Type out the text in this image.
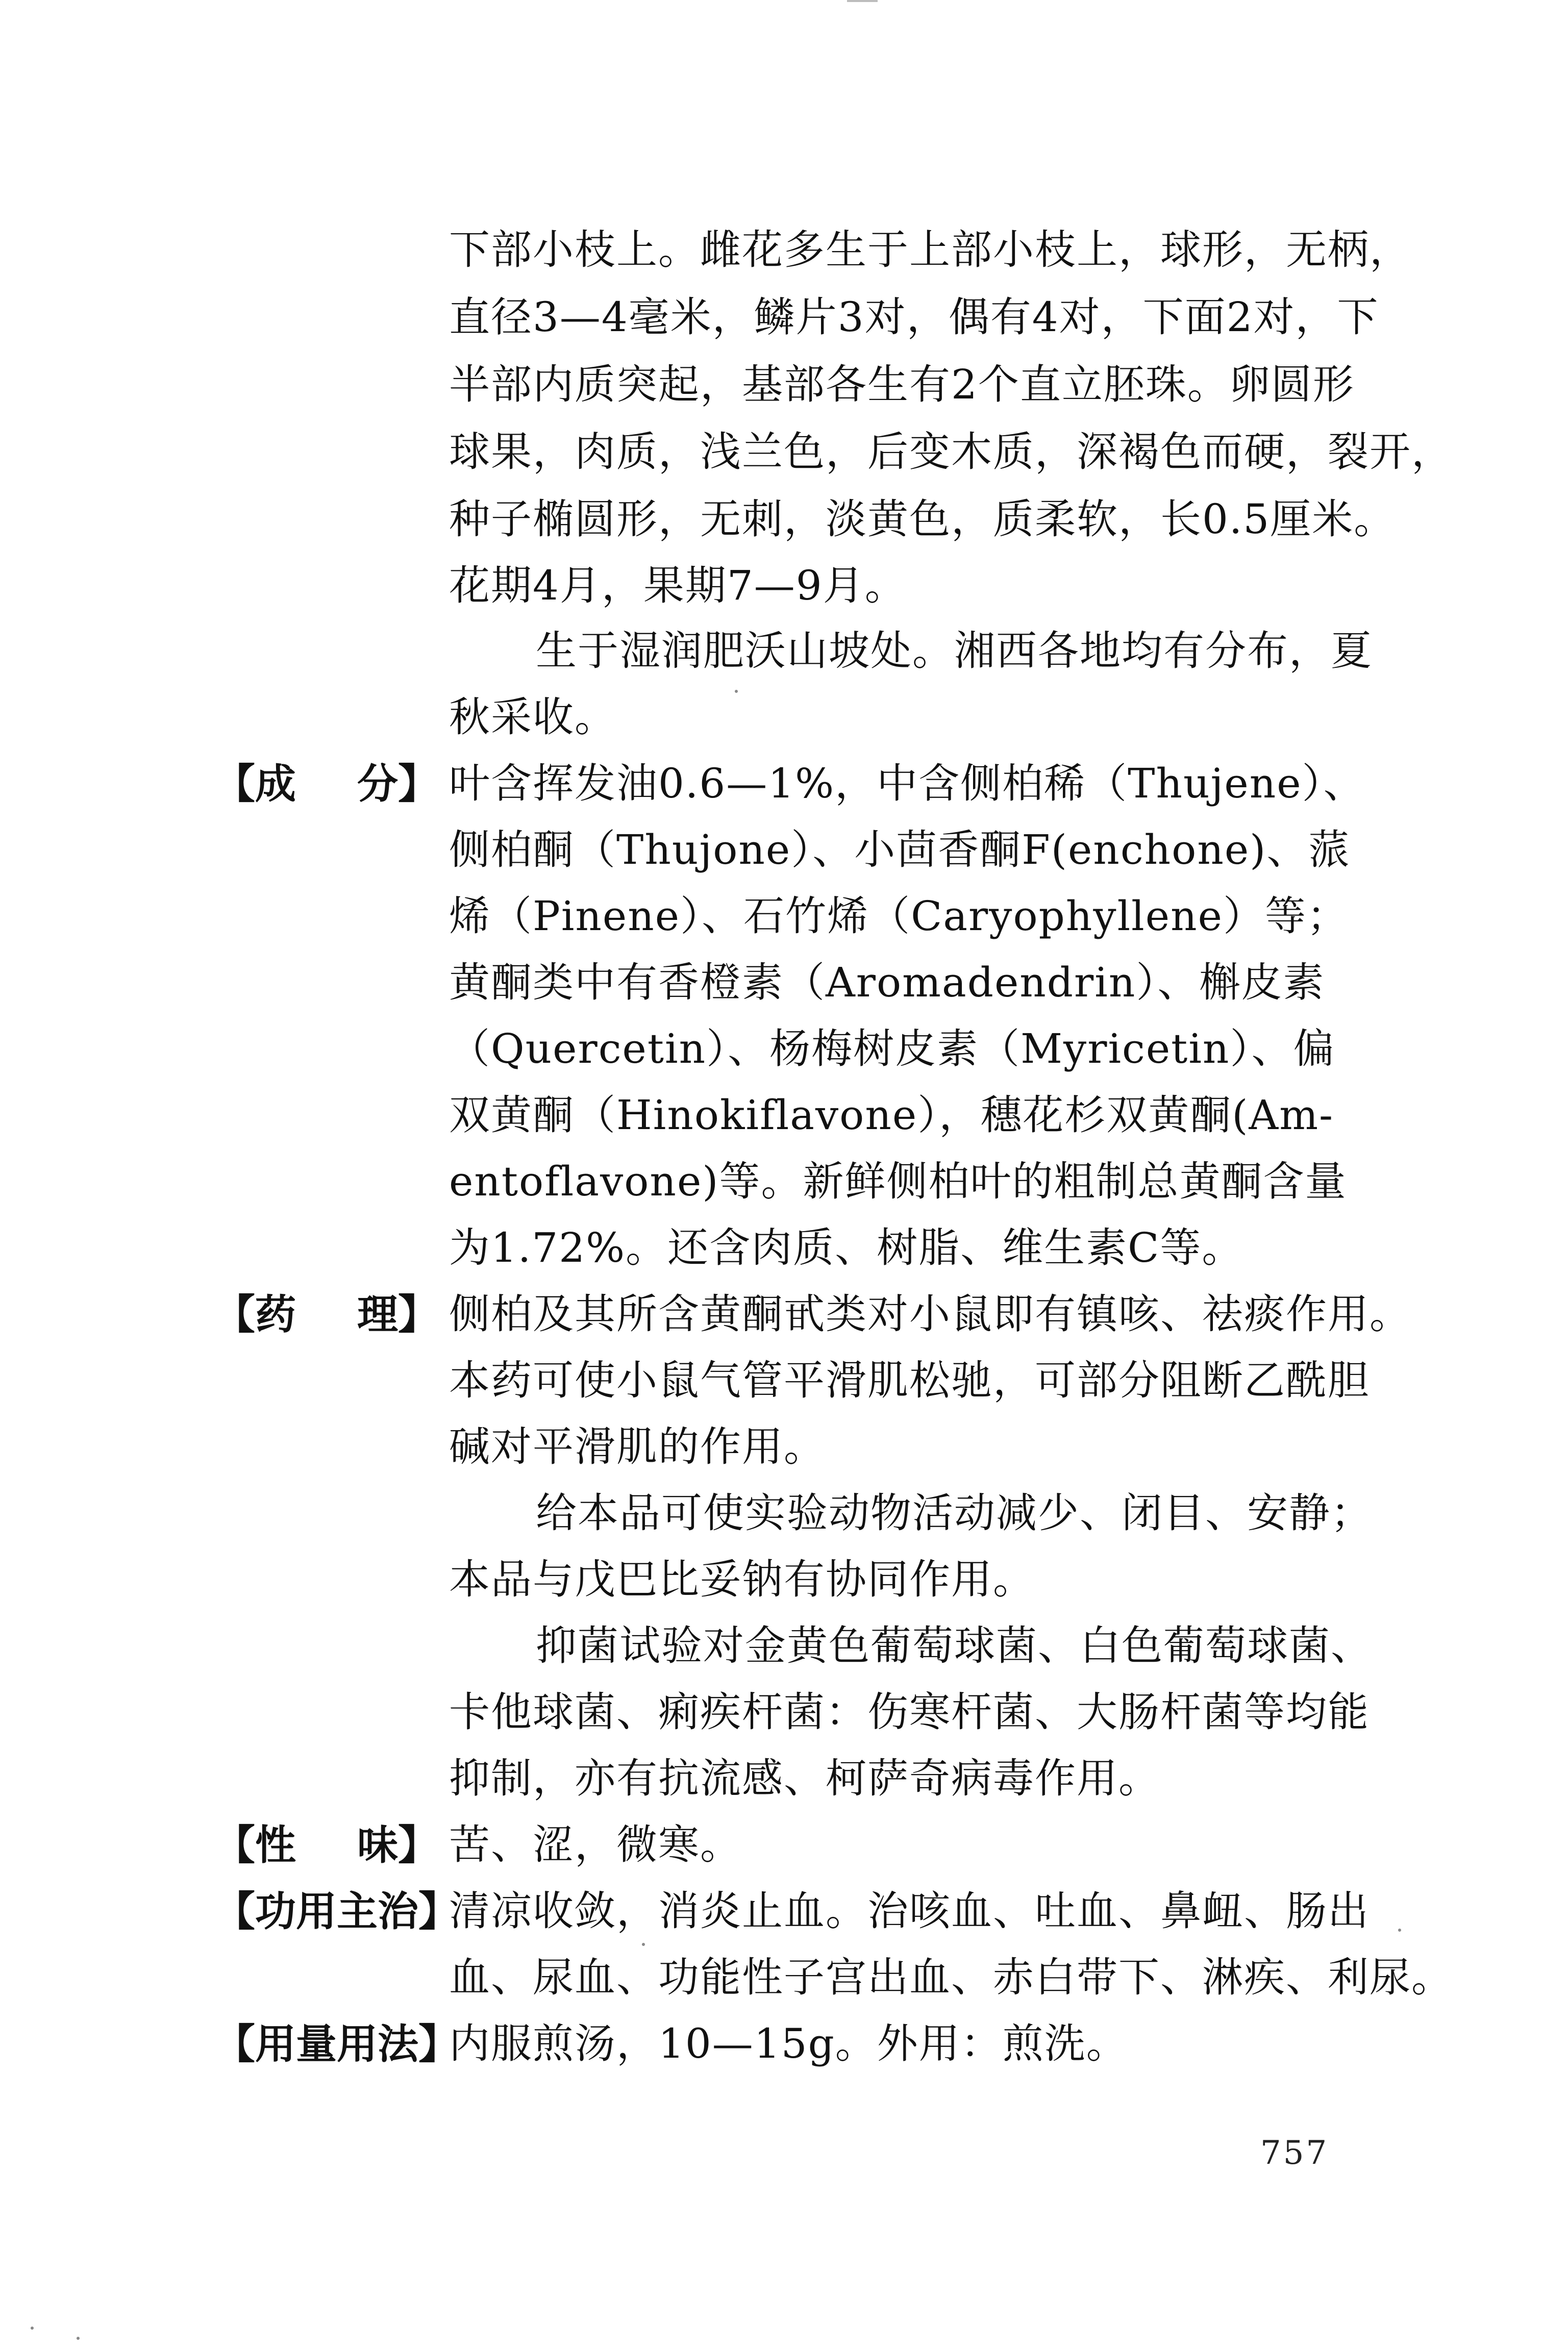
下部小枝上。雌花多生于上部小枝上，球形，无柄，
直径3—4毫米，鳞片3对，偶有4对，下面2对，下
半部内质突起，基部各生有2个直立胚珠。卵圆形
球果，肉质，浅兰色，后变木质，深褐色而硬，裂开，
种子椭圆形，无刺，淡黄色，质柔软，长0.5厘米。
花期4月，果期7—9月。
生于湿润肥沃山坡处。湘西各地均有分布，夏
秋采收。
【成 分】 叶含挥发油0.6—1%，中含侧柏稀（Thujene）、
侧柏酮（Thujone）、小茴香酮F(enchone)、蒎
烯（Pinene）、石竹烯（Caryophyllene）等；
黄酮类中有香橙素（Aromadendrin）、槲皮素
（Quercetin）、杨梅树皮素（Myricetin）、偏
双黄酮（Hinokiflavone），穗花杉双黄酮(Am-
entoflavone)等。新鲜侧柏叶的粗制总黄酮含量
为1.72%。还含肉质、树脂、维生素C等。
【药 理】 侧柏及其所含黄酮甙类对小鼠即有镇咳、祛痰作用。
本药可使小鼠气管平滑肌松驰，可部分阻断乙酰胆
碱对平滑肌的作用。
给本品可使实验动物活动减少、闭目、安静；
本品与戊巴比妥钠有协同作用。
抑菌试验对金黄色葡萄球菌、白色葡萄球菌、
卡他球菌、痢疾杆菌：伤寒杆菌、大肠杆菌等均能
抑制，亦有抗流感、柯萨奇病毒作用。
【性 味】 苦、涩，微寒。
【功用主治】
清凉收敛，消炎止血。治咳血、吐血、鼻衄、肠出
血、尿血、功能性子宫出血、赤白带下、淋疾、利尿。
【用量用法】
内服煎汤，10—15g。外用：煎洗。
757
